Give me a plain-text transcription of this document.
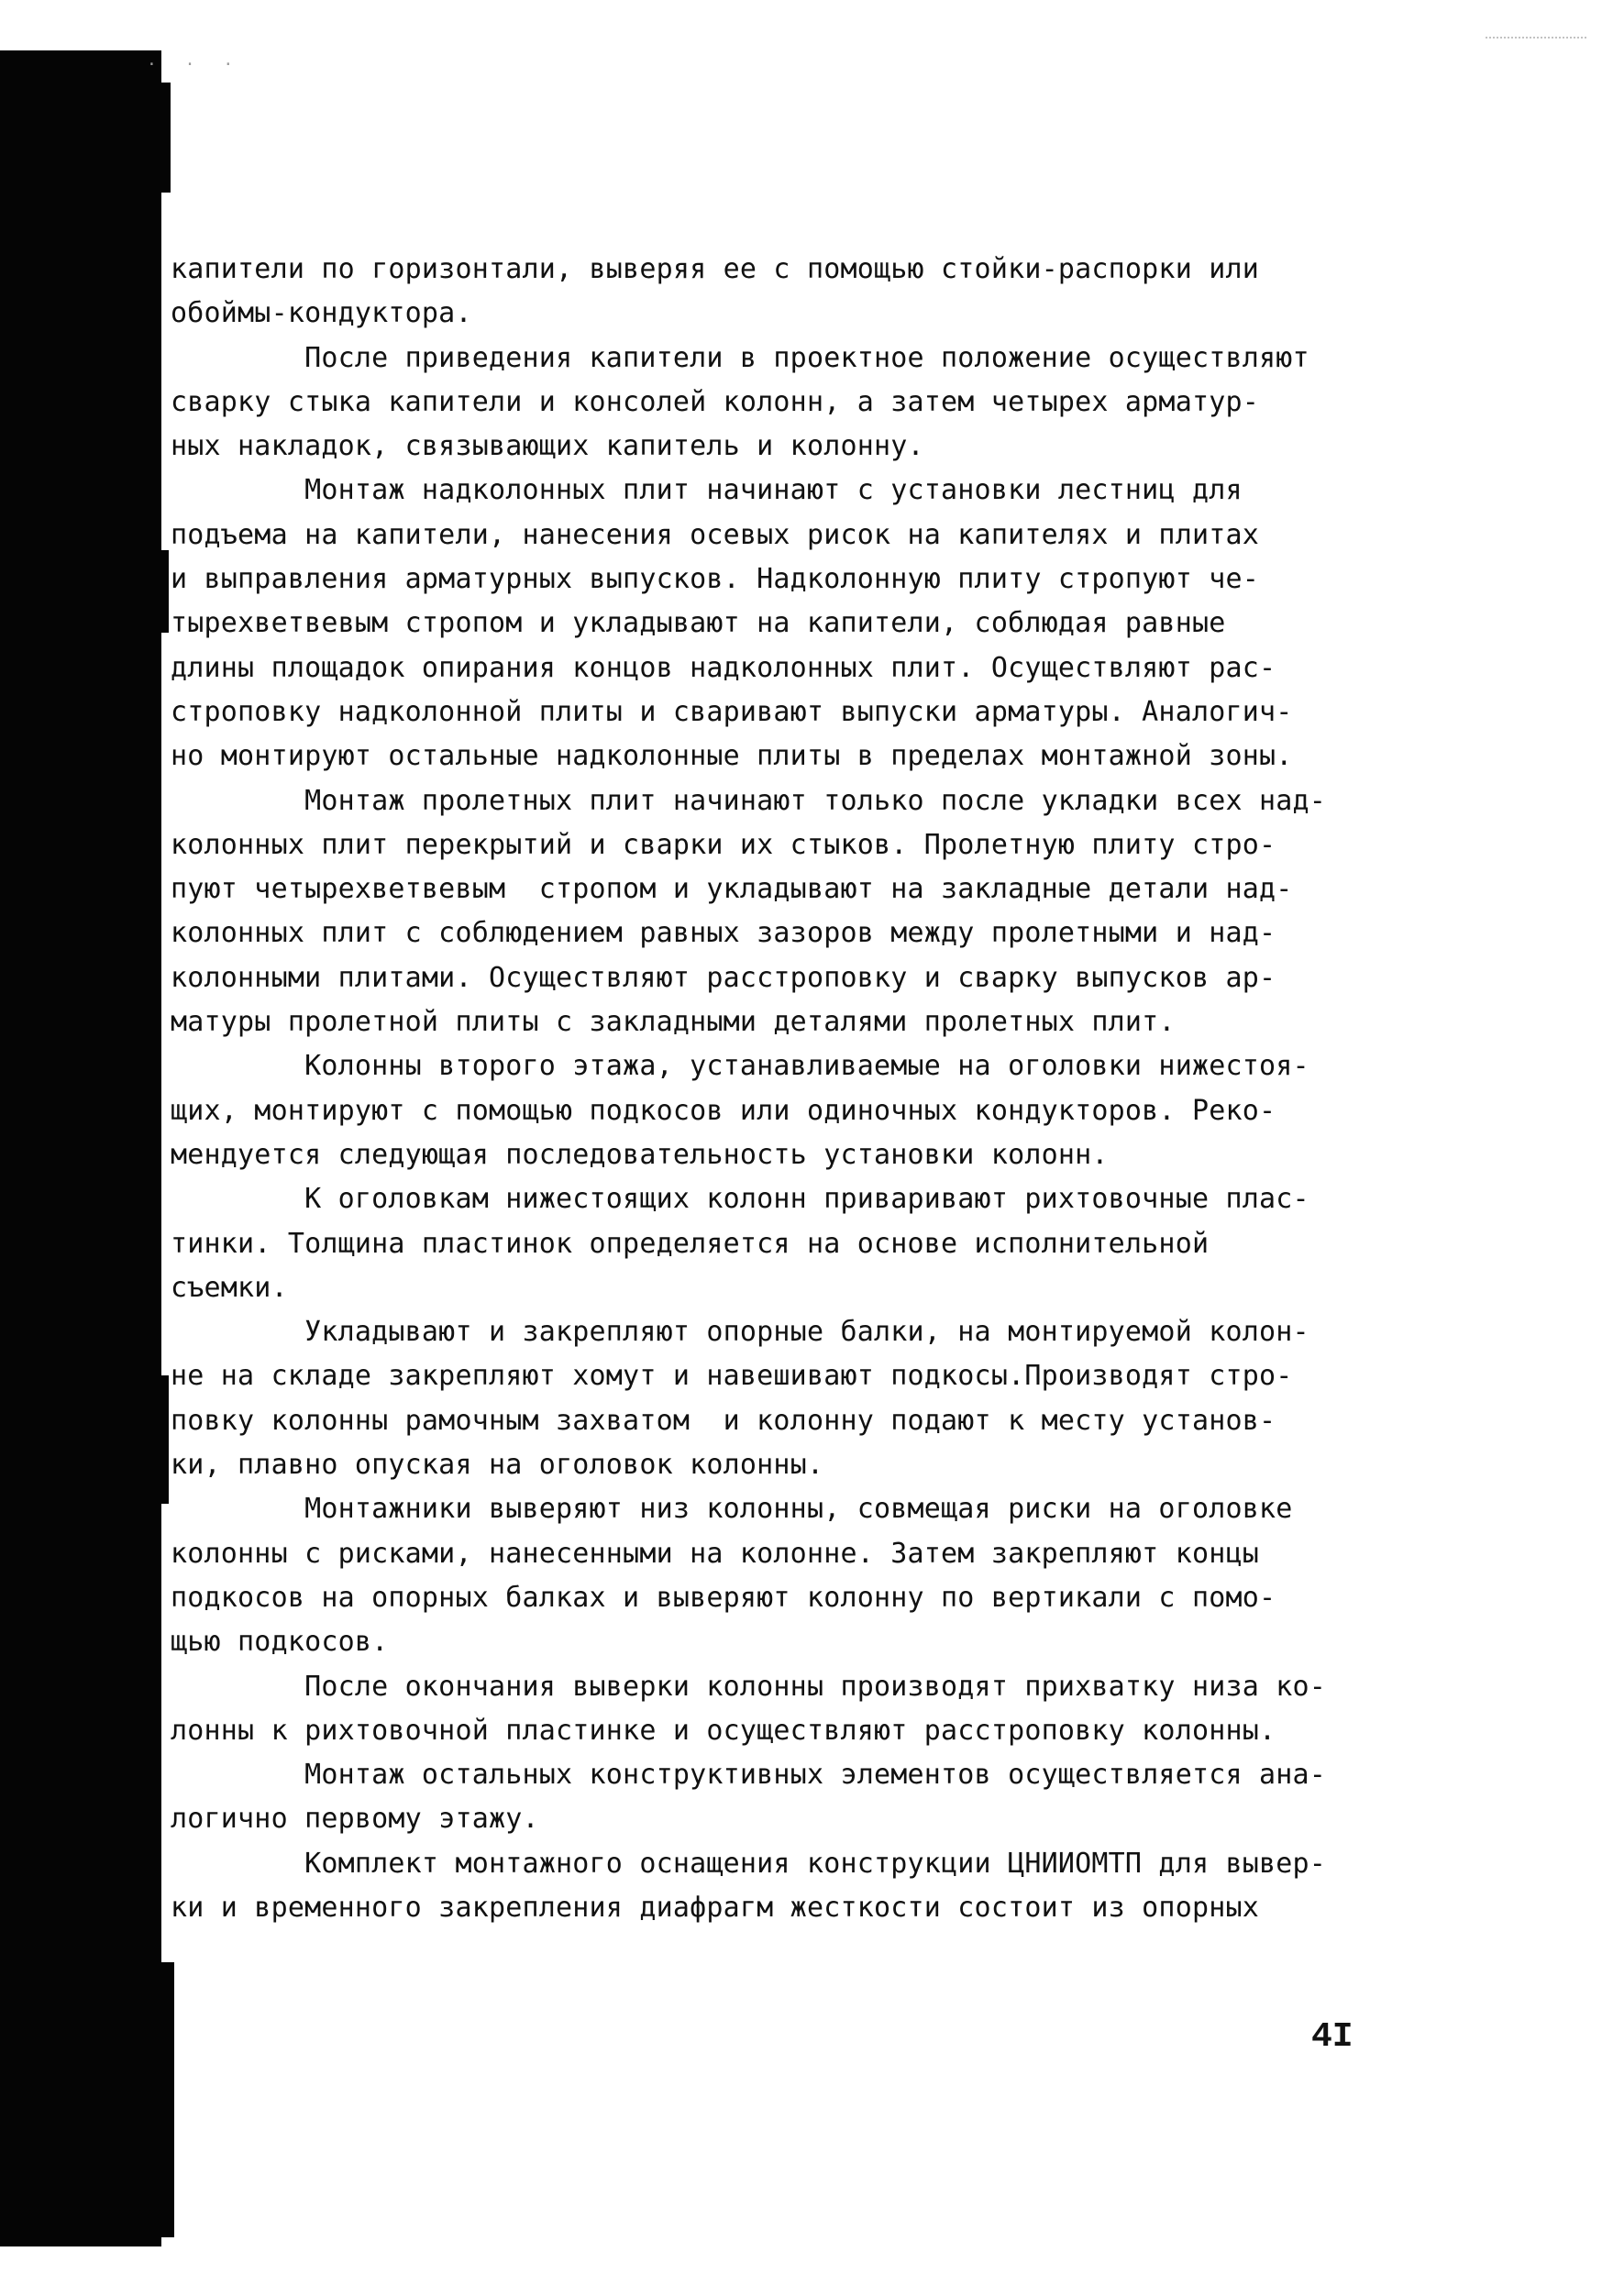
· · ·
капители по горизонтали, выверяя ее с помощью стойки-распорки или
обоймы-кондуктора.
После приведения капители в проектное положение осуществляют
сварку стыка капители и консолей колонн, а затем четырех арматур-
ных накладок, связывающих капитель и колонну.
Монтаж надколонных плит начинают с установки лестниц для
подъема на капители, нанесения осевых рисок на капителях и плитах
и выправления арматурных выпусков. Надколонную плиту стропуют че-
тырехветвевым стропом и укладывают на капители, соблюдая равные
длины площадок опирания концов надколонных плит. Осуществляют рас-
строповку надколонной плиты и сваривают выпуски арматуры. Аналогич-
но монтируют остальные надколонные плиты в пределах монтажной зоны.
Монтаж пролетных плит начинают только после укладки всех над-
колонных плит перекрытий и сварки их стыков. Пролетную плиту стро-
пуют четырехветвевым  стропом и укладывают на закладные детали над-
колонных плит с соблюдением равных зазоров между пролетными и над-
колонными плитами. Осуществляют расстроповку и сварку выпусков ар-
матуры пролетной плиты с закладными деталями пролетных плит.
Колонны второго этажа, устанавливаемые на оголовки нижестоя-
щих, монтируют с помощью подкосов или одиночных кондукторов. Реко-
мендуется следующая последовательность установки колонн.
К оголовкам нижестоящих колонн приваривают рихтовочные плас-
тинки. Толщина пластинок определяется на основе исполнительной
съемки.
Укладывают и закрепляют опорные балки, на монтируемой колон-
не на складе закрепляют хомут и навешивают подкосы.Производят стро-
повку колонны рамочным захватом  и колонну подают к месту установ-
ки, плавно опуская на оголовок колонны.
Монтажники выверяют низ колонны, совмещая риски на оголовке
колонны с рисками, нанесенными на колонне. Затем закрепляют концы
подкосов на опорных балках и выверяют колонну по вертикали с помо-
щью подкосов.
После окончания выверки колонны производят прихватку низа ко-
лонны к рихтовочной пластинке и осуществляют расстроповку колонны.
Монтаж остальных конструктивных элементов осуществляется ана-
логично первому этажу.
Комплект монтажного оснащения конструкции ЦНИИОМТП для вывер-
ки и временного закрепления диафрагм жесткости состоит из опорных
4I
